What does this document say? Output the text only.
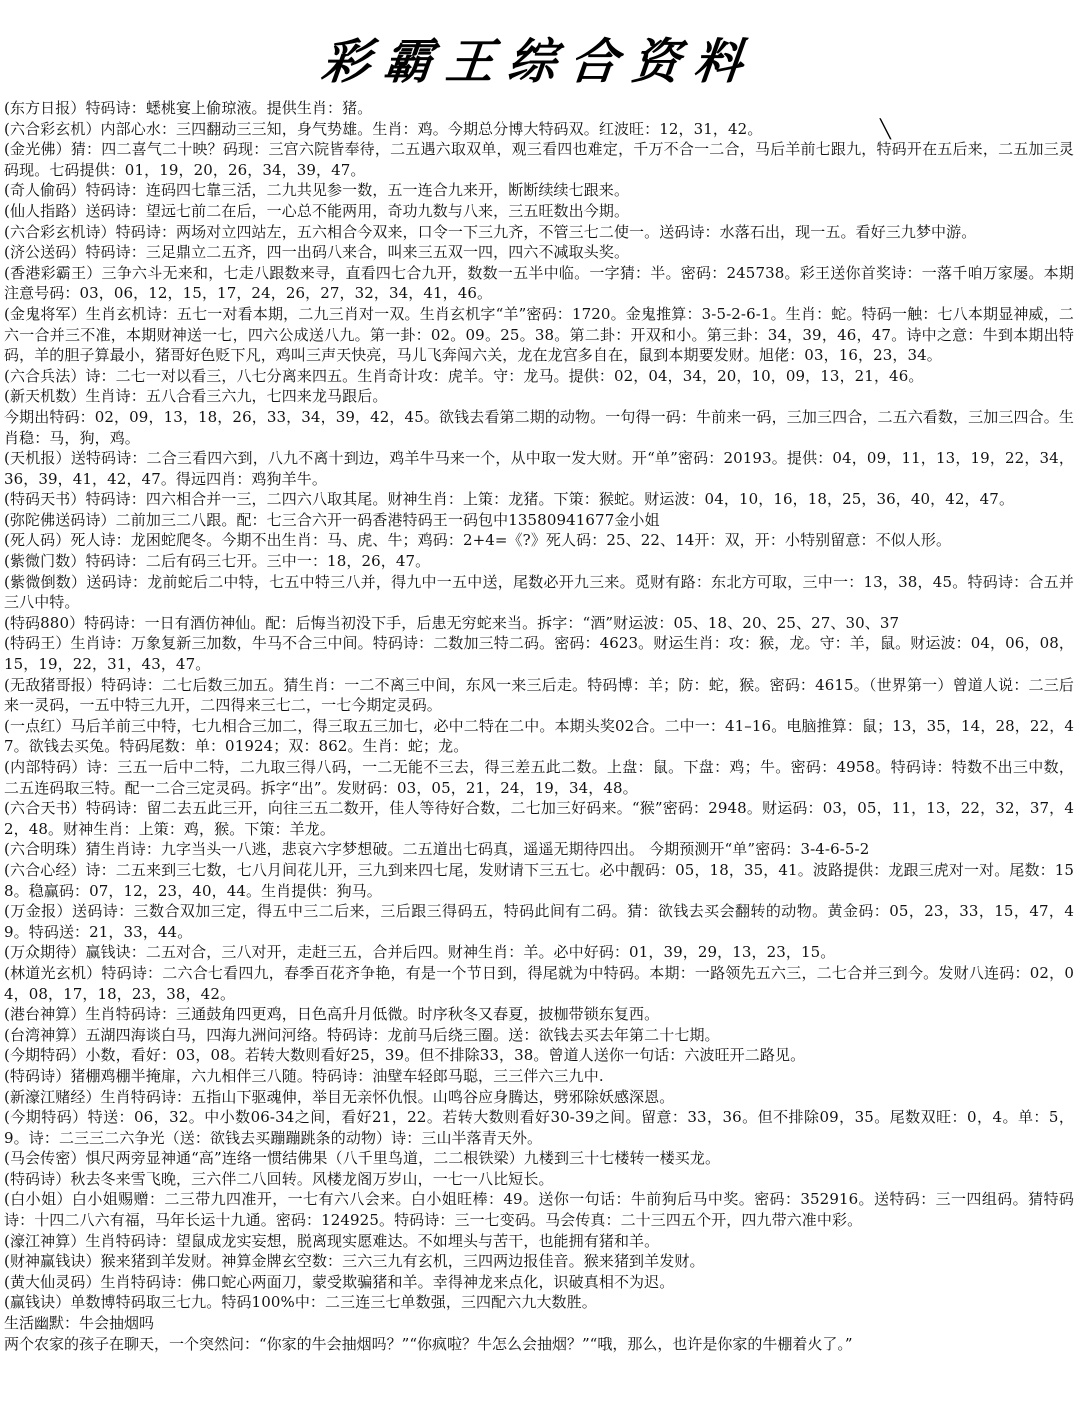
彩霸王综合资料

(东方日报）特码诗：蟋桃宴上偷琼液。提供生肖：猪。

(六合彩玄机）内部心水：三四翻动三三知，身气势雄。生肖：鸡。今期总分博大特码双。红波旺：12，31，42。

(金光佛）猜：四二喜气二十映？码现：三宫六院皆奉待，二五遇六取双单，观三看四也难定，千万不合一二合，马后羊前七跟九，特码开在五后来，二五加三灵码现。七码提供：01，19，20，26，34，39，47。

(奇人偷码）特码诗：连码四七靠三活，二九共见参一数，五一连合九来开，断断续续七跟来。

(仙人指路）送码诗：望远七前二在后，一心总不能两用，奇功九数与八来，三五旺数出今期。

(六合彩玄机诗）特码诗：两场对立四站左，五六相合今双来，口令一下三九齐，不管三七二使一。送码诗：水落石出，现一五。看好三九梦中游。

(济公送码）特码诗：三足鼎立二五齐，四一出码八来合，叫来三五双一四，四六不减取头奖。

(香港彩霸王）三争六斗无来和，七走八跟数来寻，直看四七合九开，数数一五半中临。一字猜：半。密码：245738。彩王送你首奖诗：一落千咱万家屡。本期注意号码：03，06，12，15，17，24，26，27，32，34，41，46。

(金鬼将军）生肖玄机诗：五七一对看本期，二九三肖对一双。生肖玄机字“羊”密码：1720。金鬼推算：3-5-2-6-1。生肖：蛇。特码一触：七八本期显神威，二六一合并三不准，本期财神送一七，四六公成送八九。第一卦：02。09。25。38。第二卦：开双和小。第三卦：34，39，46，47。诗中之意：牛到本期出特码，羊的胆子算最小，猪哥好色贬下凡，鸡叫三声天快亮，马儿飞奔闯六关，龙在龙宫多自在，鼠到本期要发财。旭佬：03，16，23，34。

(六合兵法）诗：二七一对以看三，八七分离来四五。生肖奇计攻：虎羊。守：龙马。提供：02，04，34，20，10，09，13，21，46。

(新天机数）生肖诗：五八合看三六九，七四来龙马跟后。

今期出特码：02，09，13，18，26，33，34，39，42，45。欲钱去看第二期的动物。一句得一码：牛前来一码，三加三四合，二五六看数，三加三四合。生肖稳：马，狗，鸡。

(天机报）送特码诗：二合三看四六到，八九不离十到边，鸡羊牛马来一个，从中取一发大财。开“单”密码：20193。提供：04，09，11，13，19，22，34，36，39，41，42，47。得远四肖：鸡狗羊牛。

(特码天书）特码诗：四六相合并一三，二四六八取其尾。财神生肖：上策：龙猪。下策：猴蛇。财运波：04，10，16，18，25，36，40，42，47。

(弥陀佛送码诗）二前加三二八跟。配：七三合六开一码香港特码王一码包中13580941677金小姐

(死人码）死人诗：龙困蛇爬冬。今期不出生肖：马、虎、牛；鸡码：2+4=《?》死人码：25、22、14开：双，开：小特别留意：不似人形。

(紫微门数）特码诗：二后有码三七开。三中一：18，26，47。

(紫微倒数）送码诗：龙前蛇后二中特，七五中特三八并，得九中一五中送，尾数必开九三来。觅财有路：东北方可取，三中一：13，38，45。特码诗：合五并三八中特。

(特码880）特码诗：一日有酒仿神仙。配：后悔当初没下手，后患无穷蛇来当。拆字：“酒”财运波：05、18、20、25、27、30、37

(特码王）生肖诗：万象复新三加数，牛马不合三中间。特码诗：二数加三特二码。密码：4623。财运生肖：攻：猴，龙。守：羊，鼠。财运波：04，06，08，15，19，22，31，43，47。

(无敌猪哥报）特码诗：二七后数三加五。猜生肖：一二不离三中间，东风一来三后走。特码博：羊；防：蛇，猴。密码：4615。（世界第一）曾道人说：二三后来一灵码，一五中特三九开，二四得来三七二，一七今期定灵码。

(一点红）马后羊前三中特，七九相合三加二，得三取五三加七，必中二特在二中。本期头奖02合。二中一：41–16。电脑推算：鼠；13，35，14，28，22，47。欲钱去买兔。特码尾数：单：01924；双：862。生肖：蛇；龙。

(内部特码）诗：三五一后中二特，二九取三得八码，一二无能不三去，得三差五此二数。上盘：鼠。下盘：鸡；牛。密码：4958。特码诗：特数不出三中数，二五连码取三特。配一二合三定灵码。拆字“出”。发财码：03，05，21，24，19，34，48。

(六合天书）特码诗：留二去五此三开，向往三五二数开，佳人等待好合数，二七加三好码来。“猴”密码：2948。财运码：03，05，11，13，22，32，37，42，48。财神生肖：上策：鸡，猴。下策：羊龙。

(六合明珠）猜生肖诗：九字当头一八逃，悲哀六字梦想破。二五道出七码真，遥遥无期待四出。 今期预测开“单”密码：3-4-6-5-2

(六合心经）诗：二五来到三七数，七八月间花儿开，三九到来四七尾，发财请下三五七。必中靓码：05，18，35，41。波路提供：龙跟三虎对一对。尾数：158。稳赢码：07，12，23，40，44。生肖提供：狗马。

(万金报）送码诗：三数合双加三定，得五中三二后来，三后跟三得码五，特码此间有二码。猜：欲钱去买会翻转的动物。黄金码：05，23，33，15，47，49。特码送：21，33，44。

(万众期待）赢钱诀：二五对合，三八对开，走赶三五，合并后四。财神生肖：羊。必中好码：01，39，29，13，23，15。

(林道光玄机）特码诗：二六合七看四九，春季百花齐争艳，有是一个节日到，得尾就为中特码。本期：一路领先五六三，二七合并三到今。发财八连码：02，04，08，17，18，23，38，42。

(港台神算）生肖特码诗：三通鼓角四更鸡，日色高升月低微。时序秋冬又春夏，披枷带锁东复西。

(台湾神算）五湖四海谈白马，四海九洲问河络。特码诗：龙前马后绕三圈。送：欲钱去买去年第二十七期。

(今期特码）小数，看好：03，08。若转大数则看好25，39。但不排除33，38。曾道人送你一句话：六波旺开二路见。

(特码诗）猪棚鸡棚半掩扉，六九相伴三八随。特码诗：油壁车轻郎马聪，三三伴六三九中.

(新濠江赌经）生肖特码诗：五指山下驱魂伸，举目无亲怀仇恨。山鸣谷应身腾达，劈邪除妖感深恩。

(今期特码）特送：06，32。中小数06-34之间，看好21，22。若转大数则看好30-39之间。留意：33，36。但不排除09，35。尾数双旺：0，4。单：5，9。诗：二三三二六争光（送：欲钱去买蹦蹦跳条的动物）诗：三山半落青天外。

(马会传密）惧尺两旁显神通“高”连络一惯结佛果（八千里鸟道，二二根铁梁）九楼到三十七楼转一楼买龙。

(特码诗）秋去冬来雪飞晚，三六伴二八回转。风楼龙阁万岁山，一七一八比短长。

(白小姐）白小姐赐赠：二三带九四准开，一七有六八会来。白小姐旺棒：49。送你一句话：牛前狗后马中奖。密码：352916。送特码：三一四组码。猜特码诗：十四二八六有福，马年长运十九通。密码：124925。特码诗：三一七变码。马会传真：二十三四五个开，四九带六准中彩。

(濠江神算）生肖特码诗：望鼠成龙实妄想，脱离现实愿难达。不如埋头与苦干，也能拥有猪和羊。

(财神赢钱诀）猴来猪到羊发财。神算金牌玄空数：三六三九有玄机，三四两边报佳音。猴来猪到羊发财。

(黄大仙灵码）生肖特码诗：佛口蛇心两面刀，蒙受欺骗猪和羊。幸得神龙来点化，识破真相不为迟。

(赢钱诀）单数博特码取三七九。特码100%中：二三连三七单数强，三四配六九大数胜。

生活幽默：牛会抽烟吗
两个农家的孩子在聊天，一个突然问：“你家的牛会抽烟吗？”“你疯啦？牛怎么会抽烟？”“哦，那么，也许是你家的牛棚着火了。”
╲
